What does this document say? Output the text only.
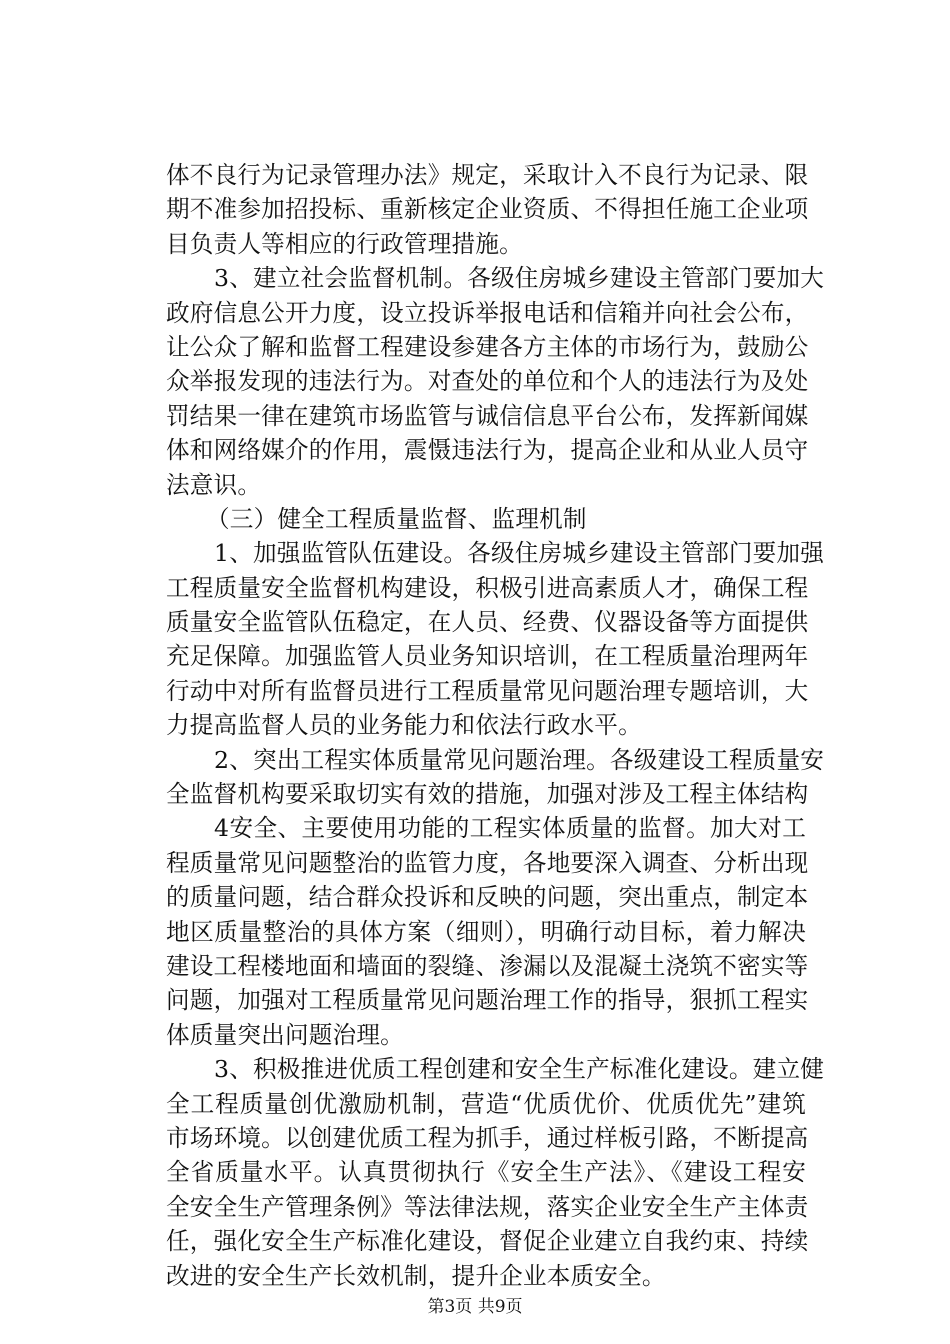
体不良行为记录管理办法》规定，采取计入不良行为记录、限
期不准参加招投标、重新核定企业资质、不得担任施工企业项
目负责人等相应的行政管理措施。
3、建立社会监督机制。各级住房城乡建设主管部门要加大
政府信息公开力度，设立投诉举报电话和信箱并向社会公布，
让公众了解和监督工程建设参建各方主体的市场行为，鼓励公
众举报发现的违法行为。对查处的单位和个人的违法行为及处
罚结果一律在建筑市场监管与诚信信息平台公布，发挥新闻媒
体和网络媒介的作用，震慑违法行为，提高企业和从业人员守
法意识。
（三）健全工程质量监督、监理机制
1、加强监管队伍建设。各级住房城乡建设主管部门要加强
工程质量安全监督机构建设，积极引进高素质人才，确保工程
质量安全监管队伍稳定，在人员、经费、仪器设备等方面提供
充足保障。加强监管人员业务知识培训，在工程质量治理两年
行动中对所有监督员进行工程质量常见问题治理专题培训，大
力提高监督人员的业务能力和依法行政水平。
2、突出工程实体质量常见问题治理。各级建设工程质量安
全监督机构要采取切实有效的措施，加强对涉及工程主体结构
4安全、主要使用功能的工程实体质量的监督。加大对工
程质量常见问题整治的监管力度，各地要深入调查、分析出现
的质量问题，结合群众投诉和反映的问题，突出重点，制定本
地区质量整治的具体方案（细则），明确行动目标，着力解决
建设工程楼地面和墙面的裂缝、渗漏以及混凝土浇筑不密实等
问题，加强对工程质量常见问题治理工作的指导，狠抓工程实
体质量突出问题治理。
3、积极推进优质工程创建和安全生产标准化建设。建立健
全工程质量创优激励机制，营造“优质优价、优质优先”建筑
市场环境。以创建优质工程为抓手，通过样板引路，不断提高
全省质量水平。认真贯彻执行《安全生产法》、《建设工程安
全安全生产管理条例》等法律法规，落实企业安全生产主体责
任，强化安全生产标准化建设，督促企业建立自我约束、持续
改进的安全生产长效机制，提升企业本质安全。
第3页 共9页
